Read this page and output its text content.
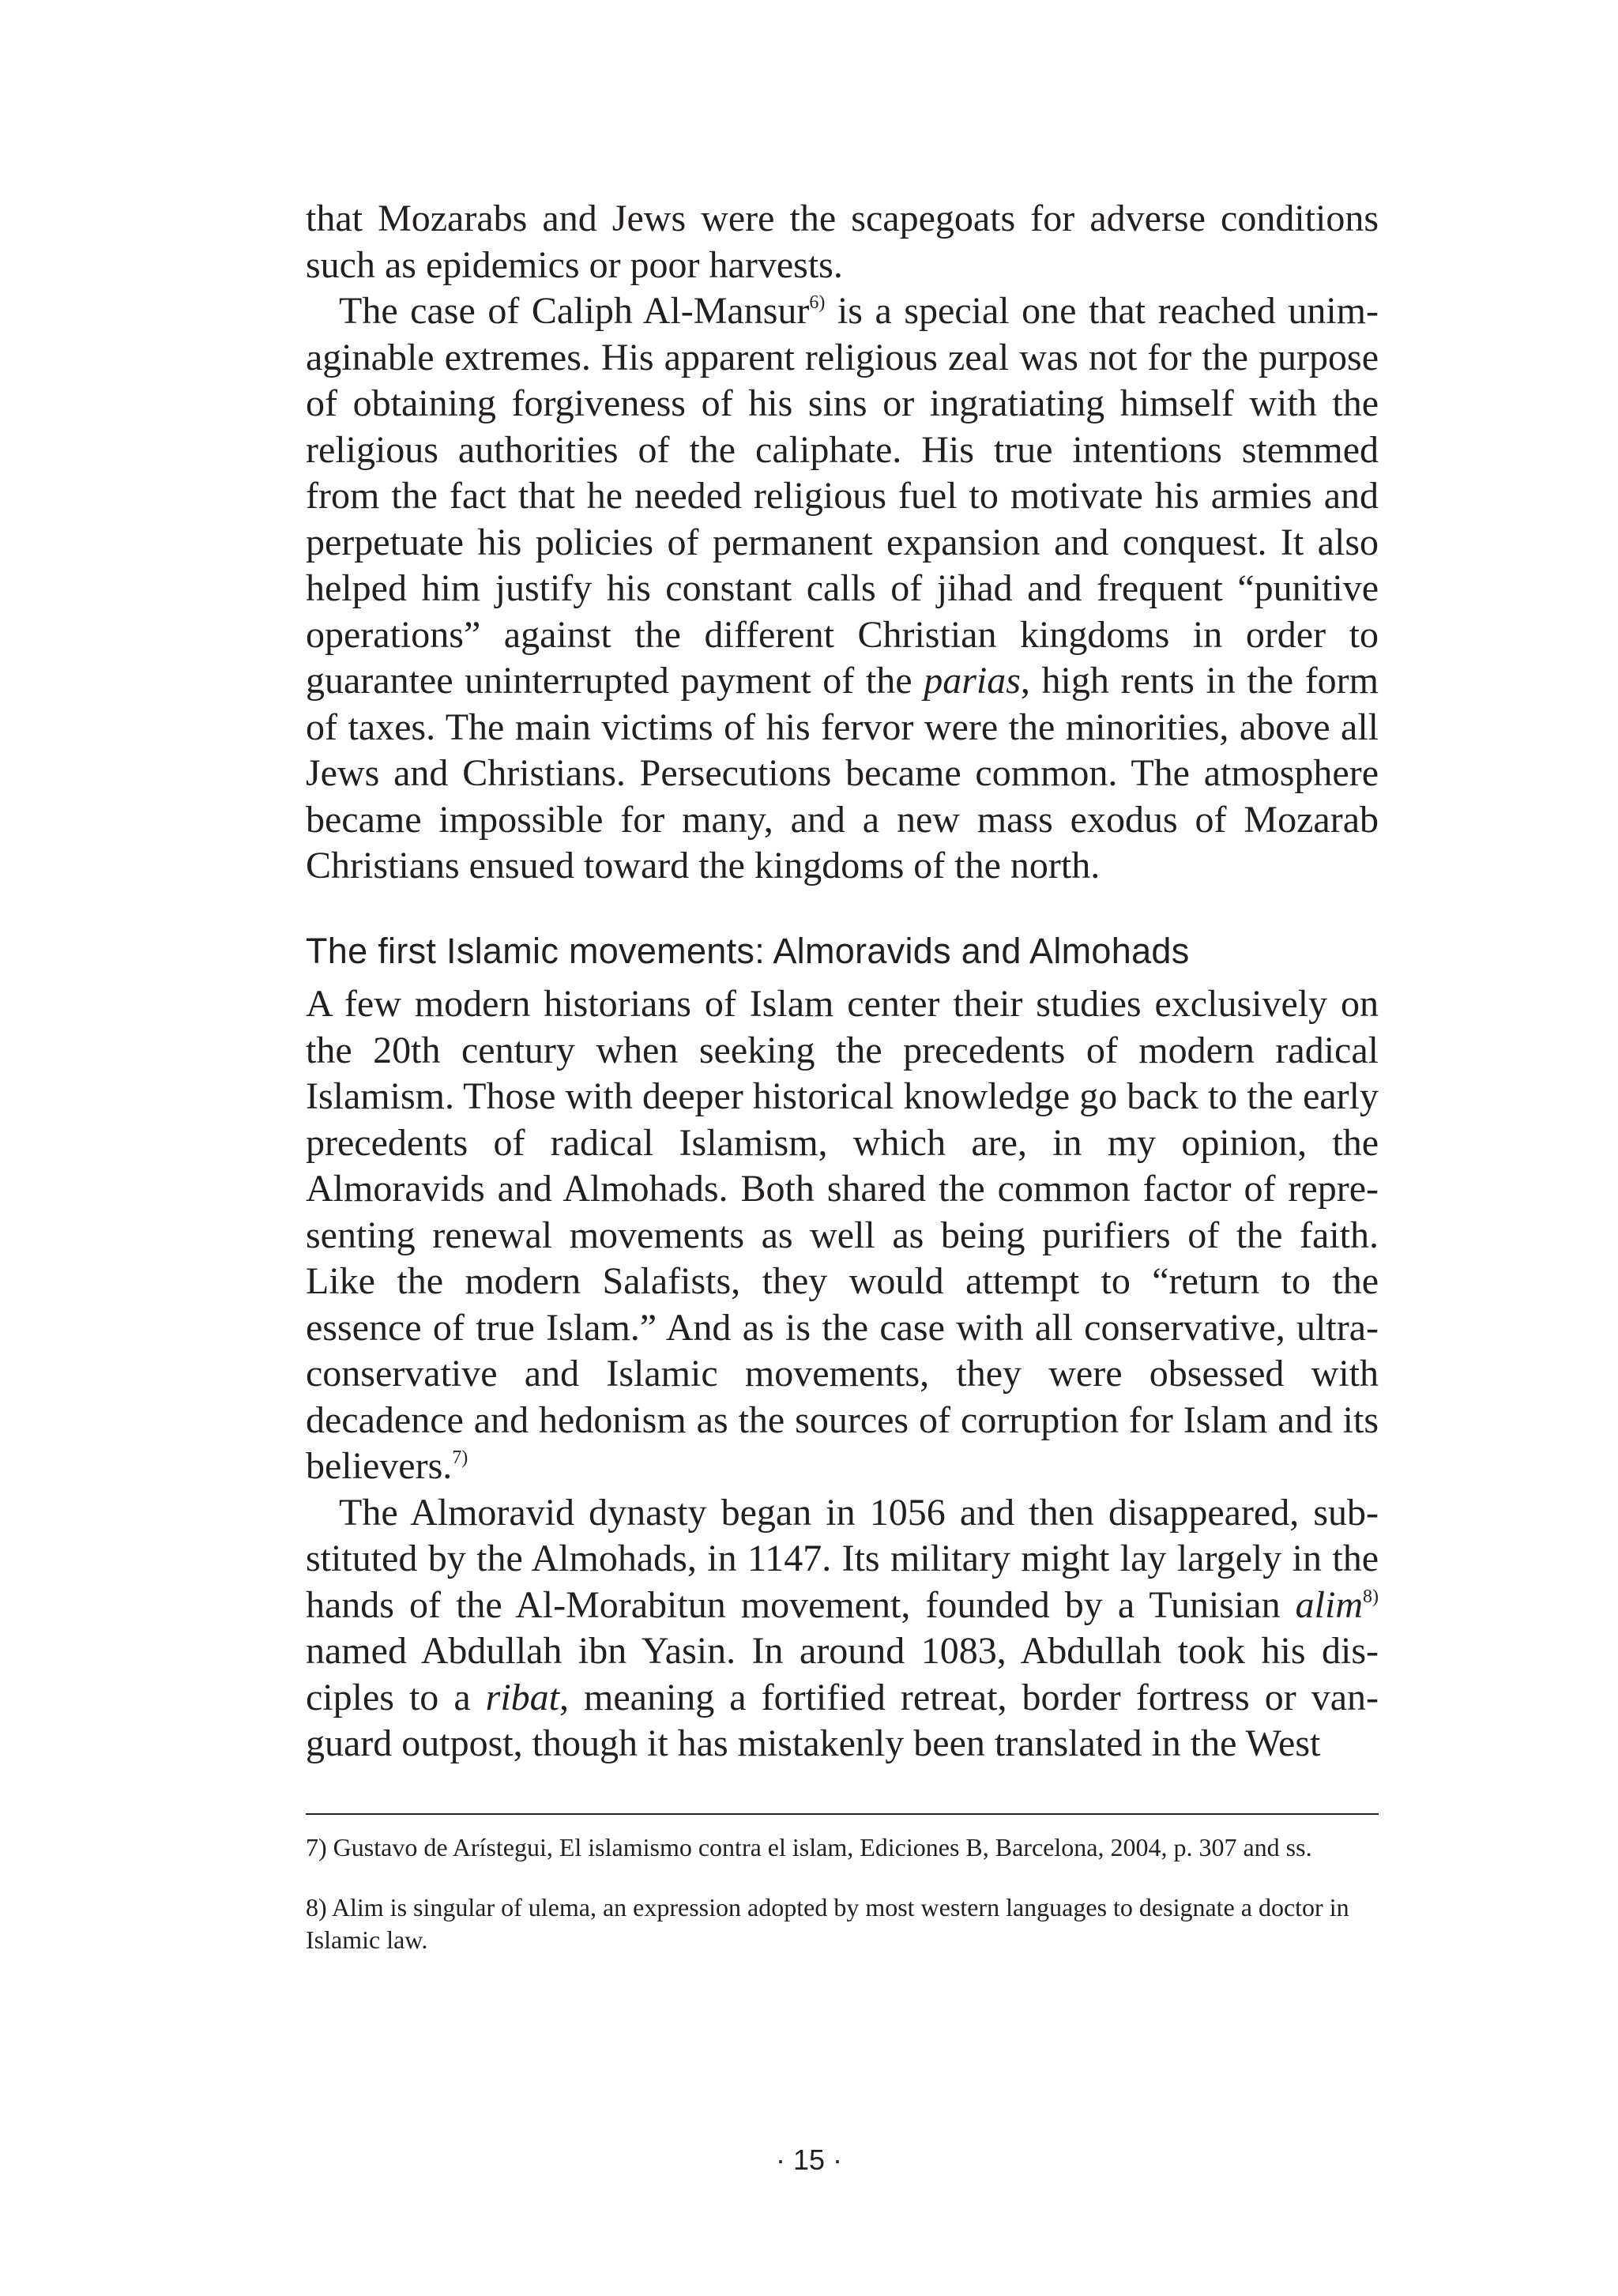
that Mozarabs and Jews were the scapegoats for adverse conditions such as epidemics or poor harvests.

The case of Caliph Al-Mansur$^{6)}$ is a special one that reached unimaginable extremes. His apparent religious zeal was not for the purpose of obtaining forgiveness of his sins or ingratiating himself with the religious authorities of the caliphate. His true intentions stemmed from the fact that he needed religious fuel to motivate his armies and perpetuate his policies of permanent expansion and conquest. It also helped him justify his constant calls of jihad and frequent “punitive operations” against the different Christian kingdoms in order to guarantee uninterrupted payment of the parias, high rents in the form of taxes. The main victims of his fervor were the minorities, above all Jews and Christians. Persecutions became common. The atmosphere became impossible for many, and a new mass exodus of Mozarab Christians ensued toward the kingdoms of the north.

The first Islamic movements: Almoravids and Almohads

A few modern historians of Islam center their studies exclusively on the 20th century when seeking the precedents of modern radical Islamism. Those with deeper historical knowledge go back to the early precedents of radical Islamism, which are, in my opinion, the Almoravids and Almohads. Both shared the common factor of representing renewal movements as well as being purifiers of the faith. Like the modern Salafists, they would attempt to “return to the essence of true Islam.” And as is the case with all conservative, ultra-conservative and Islamic movements, they were obsessed with decadence and hedonism as the sources of corruption for Islam and its believers.$^{7)}$

The Almoravid dynasty began in 1056 and then disappeared, substituted by the Almohads, in 1147. Its military might lay largely in the hands of the Al-Morabitun movement, founded by a Tunisian alim$^{8)}$ named Abdullah ibn Yasin. In around 1083, Abdullah took his disciples to a ribat, meaning a fortified retreat, border fortress or vanguard outpost, though it has mistakenly been translated in the West

7) Gustavo de Arístegui, El islamismo contra el islam, Ediciones B, Barcelona, 2004, p. 307 and ss.

8) Alim is singular of ulema, an expression adopted by most western languages to designate a doctor in Islamic law.

· 15 ·
